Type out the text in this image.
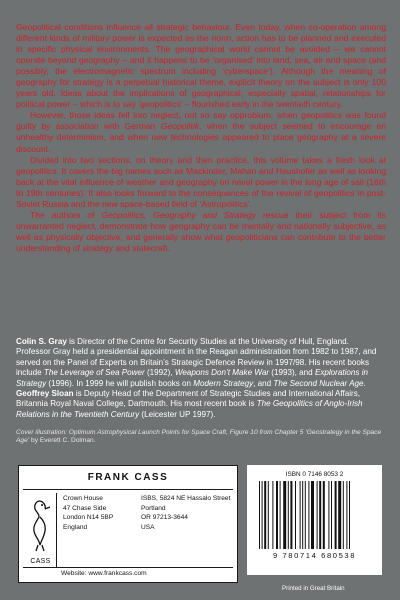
Geopolitical conditions influence all strategic behaviour. Even today, when co-operation among different kinds of military power is expected as the norm, action has to be planned and executed in specific physical environments. The geographical world cannot be avoided – we cannot operate beyond geography – and it happens to be ‘organised’ into land, sea, air and space (and possibly, the electromagnetic spectrum including ‘cyberspace’). Although the meaning of geography for strategy is a perpetual historical theme, explicit theory on the subject is only 100 years old. Ideas about the implications of geographical, especially spatial, relationships for political power – which is to say ‘geopolitics’ – flourished early in the twentieth century.

However, those ideas fell into neglect, not so say opprobium, when geopolitics was found guilty by association with German Geopolitik, when the subject seemed to encourage an unhealthy determinism, and when new technologies appeared to place geography at a severe discount.

Divided into two sections, on theory and then practice, this volume takes a fresh look at geopolitics. It covers the big names such as Mackinder, Mahan and Haushofer as well as looking back at the vital influence of weather and geography on naval power in the long age of sail (16th to 19th centuries). It also looks forward to the consequences of the revival of geopolitics in post-Soviet Russia and the new space-based field of ‘Astropolitics’.

The authors of Geopolitics, Geography and Strategy rescue their subject from its unwarranted neglect, demonstrate how geography can be mentally and nationally subjective, as well as physically objective, and generally show what geopoliticians can contribute to the better understanding of strategy and statecraft.

Colin S. Gray is Director of the Centre for Security Studies at the University of Hull, England. Professor Gray held a presidential appointment in the Reagan administration from 1982 to 1987, and served on the Panel of Experts on Britain’s Strategic Defence Review in 1997/98. His recent books include The Leverage of Sea Power (1992), Weapons Don’t Make War (1993), and Explorations in Strategy (1996). In 1999 he will publish books on Modern Strategy, and The Second Nuclear Age.

Geoffrey Sloan is Deputy Head of the Department of Strategic Studies and International Affairs, Britannia Royal Naval College, Dartmouth. His most recent book is The Geopolitics of Anglo-Irish Relations in the Twentieth Century (Leicester UP 1997).

Cover illustration: Optimum Astrophysical Launch Points for Space Craft, Figure 10 from Chapter 5 ‘Geostrategy in the Space Age’ by Everett C. Dolman.
FRANK CASS
CASS
Crown House
47 Chase Side
London N14 5BP
England
ISBS, 5824 NE Hassalo Street
Portland
OR 97213-3644
USA
Website: www.frankcass.com
ISBN 0 7146 8053 2
9 780714 680538
Printed in Great Britain
